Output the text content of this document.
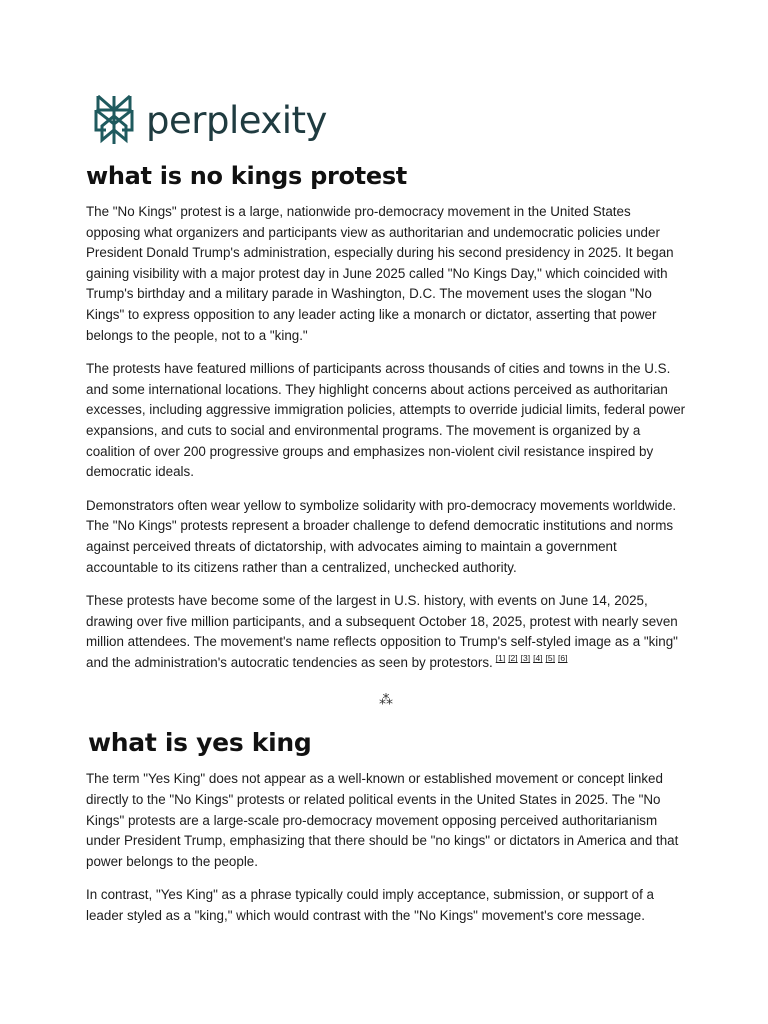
perplexity
what is no kings protest

The "No Kings" protest is a large, nationwide pro-democracy movement in the United States opposing what organizers and participants view as authoritarian and undemocratic policies under President Donald Trump's administration, especially during his second presidency in 2025. It began gaining visibility with a major protest day in June 2025 called "No Kings Day," which coincided with Trump's birthday and a military parade in Washington, D.C. The movement uses the slogan "No Kings" to express opposition to any leader acting like a monarch or dictator, asserting that power belongs to the people, not to a "king."

The protests have featured millions of participants across thousands of cities and towns in the U.S. and some international locations. They highlight concerns about actions perceived as authoritarian excesses, including aggressive immigration policies, attempts to override judicial limits, federal power expansions, and cuts to social and environmental programs. The movement is organized by a coalition of over 200 progressive groups and emphasizes non-violent civil resistance inspired by democratic ideals.

Demonstrators often wear yellow to symbolize solidarity with pro-democracy movements worldwide. The "No Kings" protests represent a broader challenge to defend democratic institutions and norms against perceived threats of dictatorship, with advocates aiming to maintain a government accountable to its citizens rather than a centralized, unchecked authority.

These protests have become some of the largest in U.S. history, with events on June 14, 2025, drawing over five million participants, and a subsequent October 18, 2025, protest with nearly seven million attendees. The movement's name reflects opposition to Trump's self-styled image as a "king" and the administration's autocratic tendencies as seen by protestors. [1] [2] [3] [4] [5] [6]

⁂
what is yes king

The term "Yes King" does not appear as a well-known or established movement or concept linked directly to the "No Kings" protests or related political events in the United States in 2025. The "No Kings" protests are a large-scale pro-democracy movement opposing perceived authoritarianism under President Trump, emphasizing that there should be "no kings" or dictators in America and that power belongs to the people.

In contrast, "Yes King" as a phrase typically could imply acceptance, submission, or support of a leader styled as a "king," which would contrast with the "No Kings" movement's core message.
